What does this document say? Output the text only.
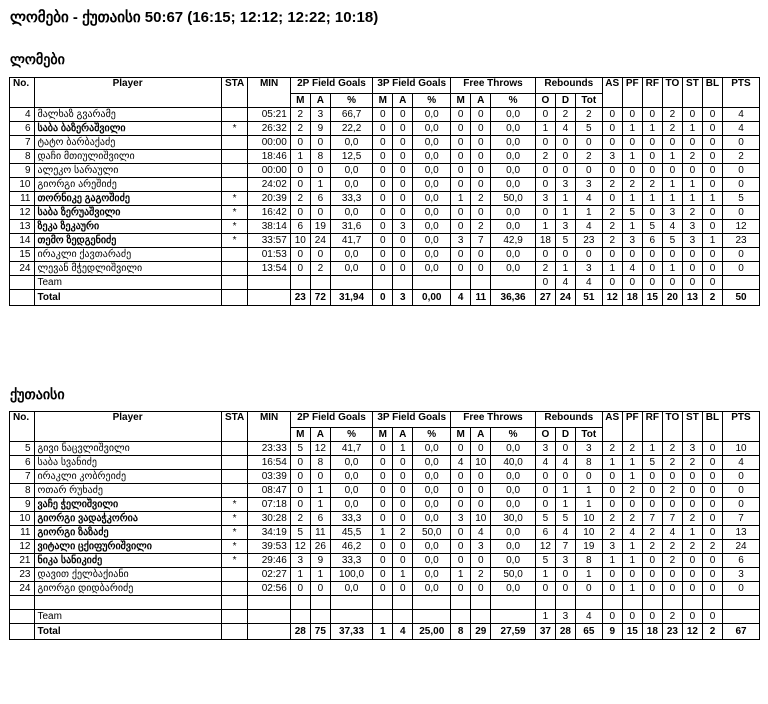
ლომები - ქუთაისი 50:67 (16:15; 12:12; 12:22; 10:18)
ლომები
No.	Player	STA	MIN	2P Field Goals			3P Field Goals			Free Throws			Rebounds			AS	PF	RF	TO	ST	BL	PTS
				M	A	%	M	A	%	M	A	%	O	D	Tot							
4	მალხაზ გვარამე		05:21	2	3	66,7	0	0	0,0	0	0	0,0	0	2	2	0	0	0	2	0	0	4
6	საბა ბაზერაშვილი	*	26:32	2	9	22,2	0	0	0,0	0	0	0,0	1	4	5	0	1	1	2	1	0	4
7	ტატო ბარბაქაძე		00:00	0	0	0,0	0	0	0,0	0	0	0,0	0	0	0	0	0	0	0	0	0	0
8	დაჩი მთიულიშვილი		18:46	1	8	12,5	0	0	0,0	0	0	0,0	2	0	2	3	1	0	1	2	0	2
9	ალეკო სარაული		00:00	0	0	0,0	0	0	0,0	0	0	0,0	0	0	0	0	0	0	0	0	0	0
10	გიორგი არეშიძე		24:02	0	1	0,0	0	0	0,0	0	0	0,0	0	3	3	2	2	2	1	1	0	0
11	თორნიკე გაგოშიძე	*	20:39	2	6	33,3	0	0	0,0	1	2	50,0	3	1	4	0	1	1	1	1	1	5
12	საბა ზერუაშვილი	*	16:42	0	0	0,0	0	0	0,0	0	0	0,0	0	1	1	2	5	0	3	2	0	0
13	ზეკა ზეკაური	*	38:14	6	19	31,6	0	3	0,0	0	2	0,0	1	3	4	2	1	5	4	3	0	12
14	თემო ზედგენიძე	*	33:57	10	24	41,7	0	0	0,0	3	7	42,9	18	5	23	2	3	6	5	3	1	23
15	ირაკლი ქავთარაძე		01:53	0	0	0,0	0	0	0,0	0	0	0,0	0	0	0	0	0	0	0	0	0	0
24	ლევან მჭედლიშვილი		13:54	0	2	0,0	0	0	0,0	0	0	0,0	2	1	3	1	4	0	1	0	0	0
	Team												0	4	4	0	0	0	0	0	0	
	Total			23	72	31,94	0	3	0,00	4	11	36,36	27	24	51	12	18	15	20	13	2	50
ქუთაისი
No.	Player	STA	MIN	2P Field Goals			3P Field Goals			Free Throws			Rebounds			AS	PF	RF	TO	ST	BL	PTS
				M	A	%	M	A	%	M	A	%	O	D	Tot							
5	გივი ნაცვლიშვილი		23:33	5	12	41,7	0	1	0,0	0	0	0,0	3	0	3	2	2	1	2	3	0	10
6	საბა სვანიძე		16:54	0	8	0,0	0	0	0,0	4	10	40,0	4	4	8	1	1	5	2	2	0	4
7	ირაკლი კობრეიძე		03:39	0	0	0,0	0	0	0,0	0	0	0,0	0	0	0	0	1	0	0	0	0	0
8	ოთარ რუხაძე		08:47	0	1	0,0	0	0	0,0	0	0	0,0	0	1	1	0	2	0	2	0	0	0
9	ვაჩე ჭელიშვილი	*	07:18	0	1	0,0	0	0	0,0	0	0	0,0	0	1	1	0	0	0	0	0	0	0
10	გიორგი ვადაჭკორია	*	30:28	2	6	33,3	0	0	0,0	3	10	30,0	5	5	10	2	2	7	7	2	0	7
11	გიორგი ზაზაძე	*	34:19	5	11	45,5	1	2	50,0	0	4	0,0	6	4	10	2	4	2	4	1	0	13
12	ვიტალი ცქიფურიშვილი	*	39:53	12	26	46,2	0	0	0,0	0	3	0,0	12	7	19	3	1	2	2	2	2	24
21	ნიკა სანიკიძე	*	29:46	3	9	33,3	0	0	0,0	0	0	0,0	5	3	8	1	1	0	2	0	0	6
23	დავით ქელბაქიანი		02:27	1	1	100,0	0	1	0,0	1	2	50,0	1	0	1	0	0	0	0	0	0	3
24	გიორგი დიდბარიძე		02:56	0	0	0,0	0	0	0,0	0	0	0,0	0	0	0	0	1	0	0	0	0	0

	Team												1	3	4	0	0	0	2	0	0	
	Total			28	75	37,33	1	4	25,00	8	29	27,59	37	28	65	9	15	18	23	12	2	67
